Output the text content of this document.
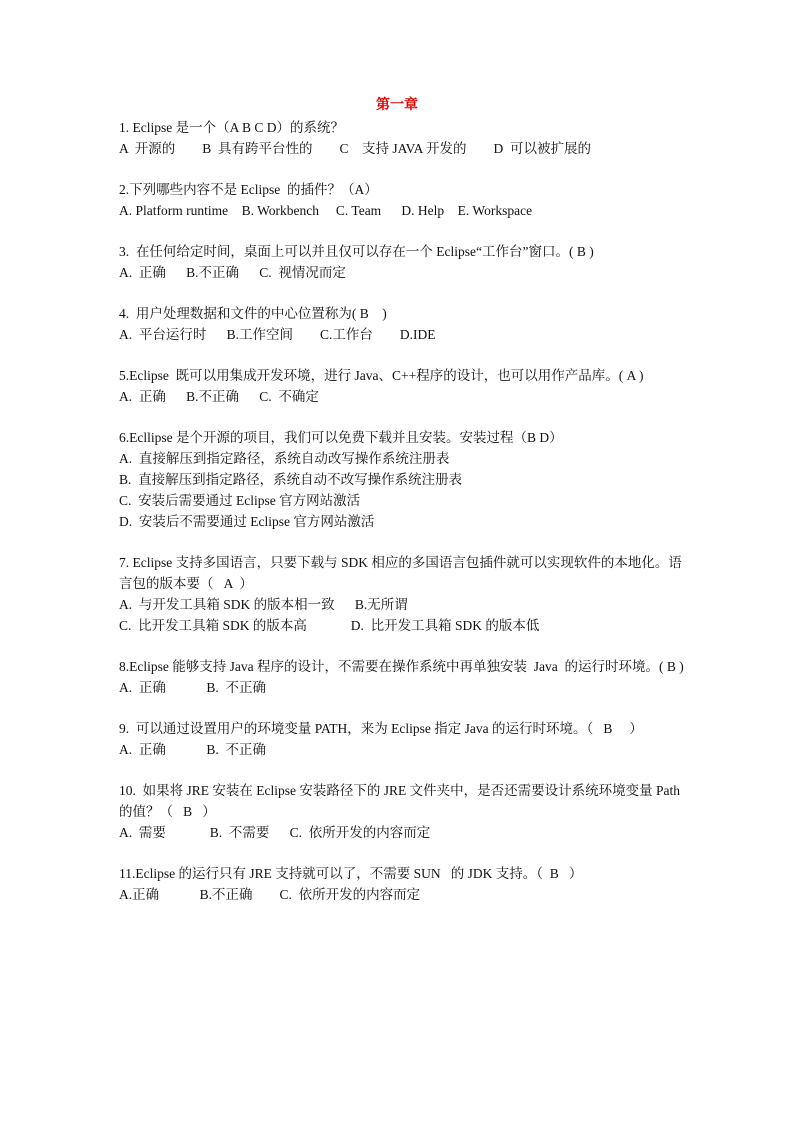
第一章
1. Eclipse 是一个（A B C D）的系统？
A  开源的        B  具有跨平台性的        C    支持 JAVA 开发的        D  可以被扩展的
2.下列哪些内容不是 Eclipse  的插件？（A）
A. Platform runtime    B. Workbench     C. Team      D. Help    E. Workspace
3.  在任何给定时间，桌面上可以并且仅可以存在一个 Eclipse“工作台”窗口。( B )
A.  正确      B.不正确      C.  视情况而定
4.  用户处理数据和文件的中心位置称为( B    )
A.  平台运行时      B.工作空间        C.工作台        D.IDE
5.Eclipse  既可以用集成开发环境，进行 Java、C++程序的设计，也可以用作产品库。( A )
A.  正确      B.不正确      C.  不确定
6.Ecllipse 是个开源的项目，我们可以免费下载并且安装。安装过程（B D）
A.  直接解压到指定路径，系统自动改写操作系统注册表
B.  直接解压到指定路径，系统自动不改写操作系统注册表
C.  安装后需要通过 Eclipse 官方网站激活
D.  安装后不需要通过 Eclipse 官方网站激活
7. Eclipse 支持多国语言，只要下载与 SDK 相应的多国语言包插件就可以实现软件的本地化。语言包的版本要（   A  ）
A.  与开发工具箱 SDK 的版本相一致      B.无所谓
C.  比开发工具箱 SDK 的版本高             D.  比开发工具箱 SDK 的版本低
8.Eclipse 能够支持 Java 程序的设计，不需要在操作系统中再单独安装  Java  的运行时环境。( B )
A.  正确            B.  不正确
9.  可以通过设置用户的环境变量 PATH，来为 Eclipse 指定 Java 的运行时环境。（   B     ）
A.  正确            B.  不正确
10.  如果将 JRE 安装在 Eclipse 安装路径下的 JRE 文件夹中，是否还需要设计系统环境变量 Path 的值？（   B   ）
A.  需要             B.  不需要      C.  依所开发的内容而定
11.Eclipse 的运行只有 JRE 支持就可以了，不需要 SUN   的 JDK 支持。（  B   ）
A.正确            B.不正确        C.  依所开发的内容而定
